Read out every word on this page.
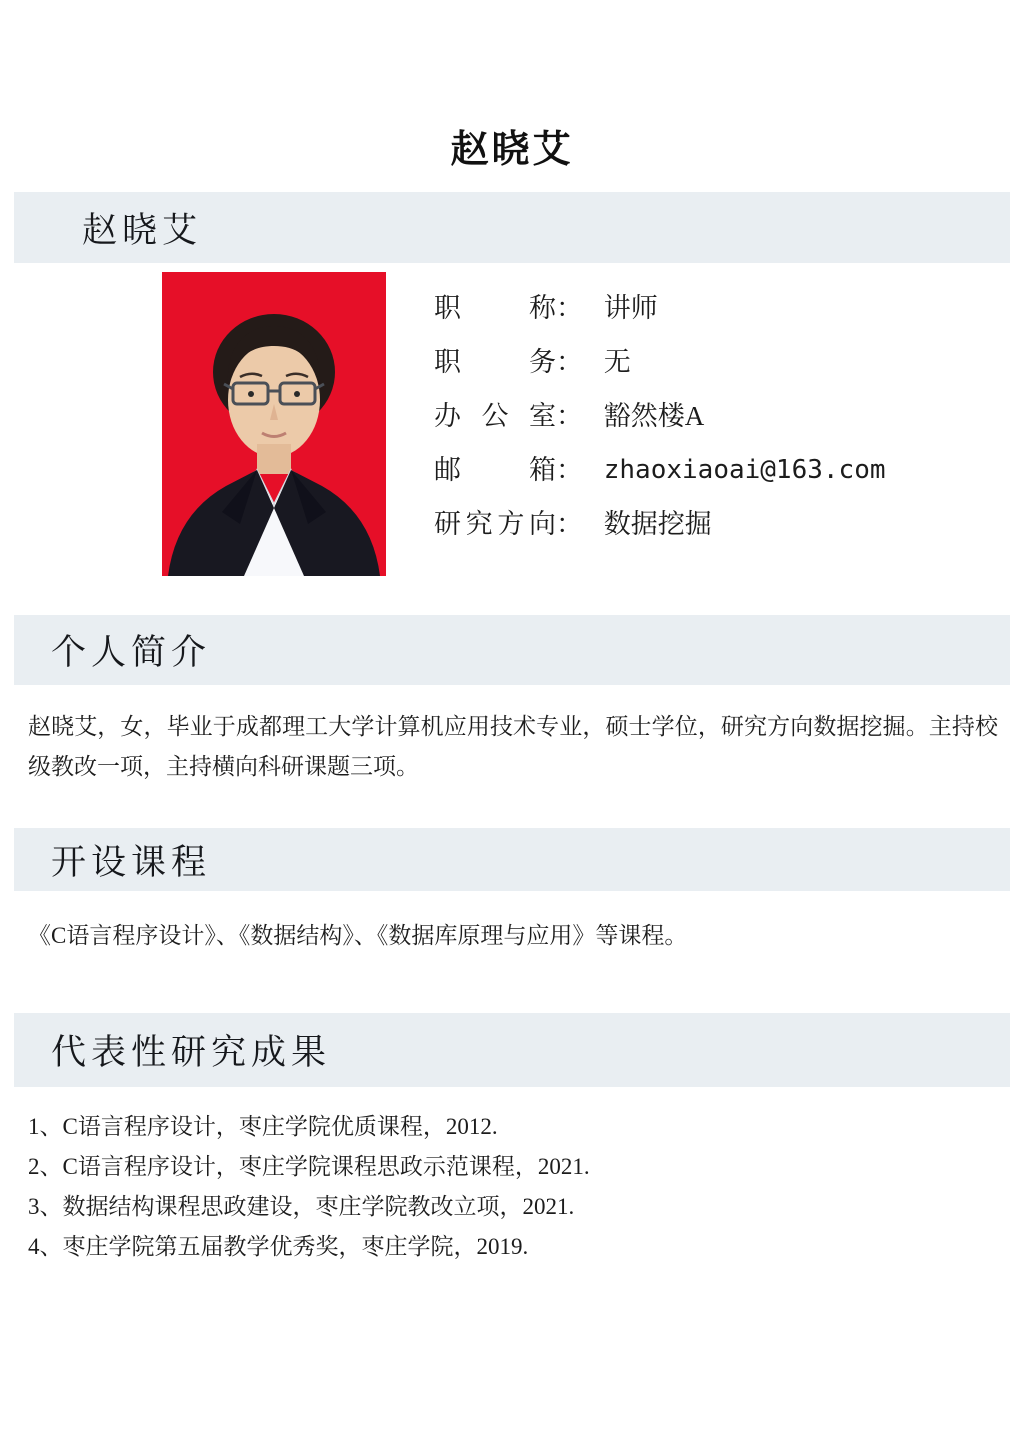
赵晓艾
赵晓艾
职称： 讲师
职务： 无
办公室： 豁然楼A
邮箱： zhaoxiaoai@163.com
研究方向： 数据挖掘
个人简介

赵晓艾，女，毕业于成都理工大学计算机应用技术专业，硕士学位，研究方向数据挖掘。主持校级教改一项，主持横向科研课题三项。

开设课程

《C语言程序设计》、《数据结构》、《数据库原理与应用》等课程。

代表性研究成果
1、C语言程序设计，枣庄学院优质课程，2012.
2、C语言程序设计，枣庄学院课程思政示范课程，2021.
3、数据结构课程思政建设，枣庄学院教改立项，2021.
4、枣庄学院第五届教学优秀奖，枣庄学院，2019.
